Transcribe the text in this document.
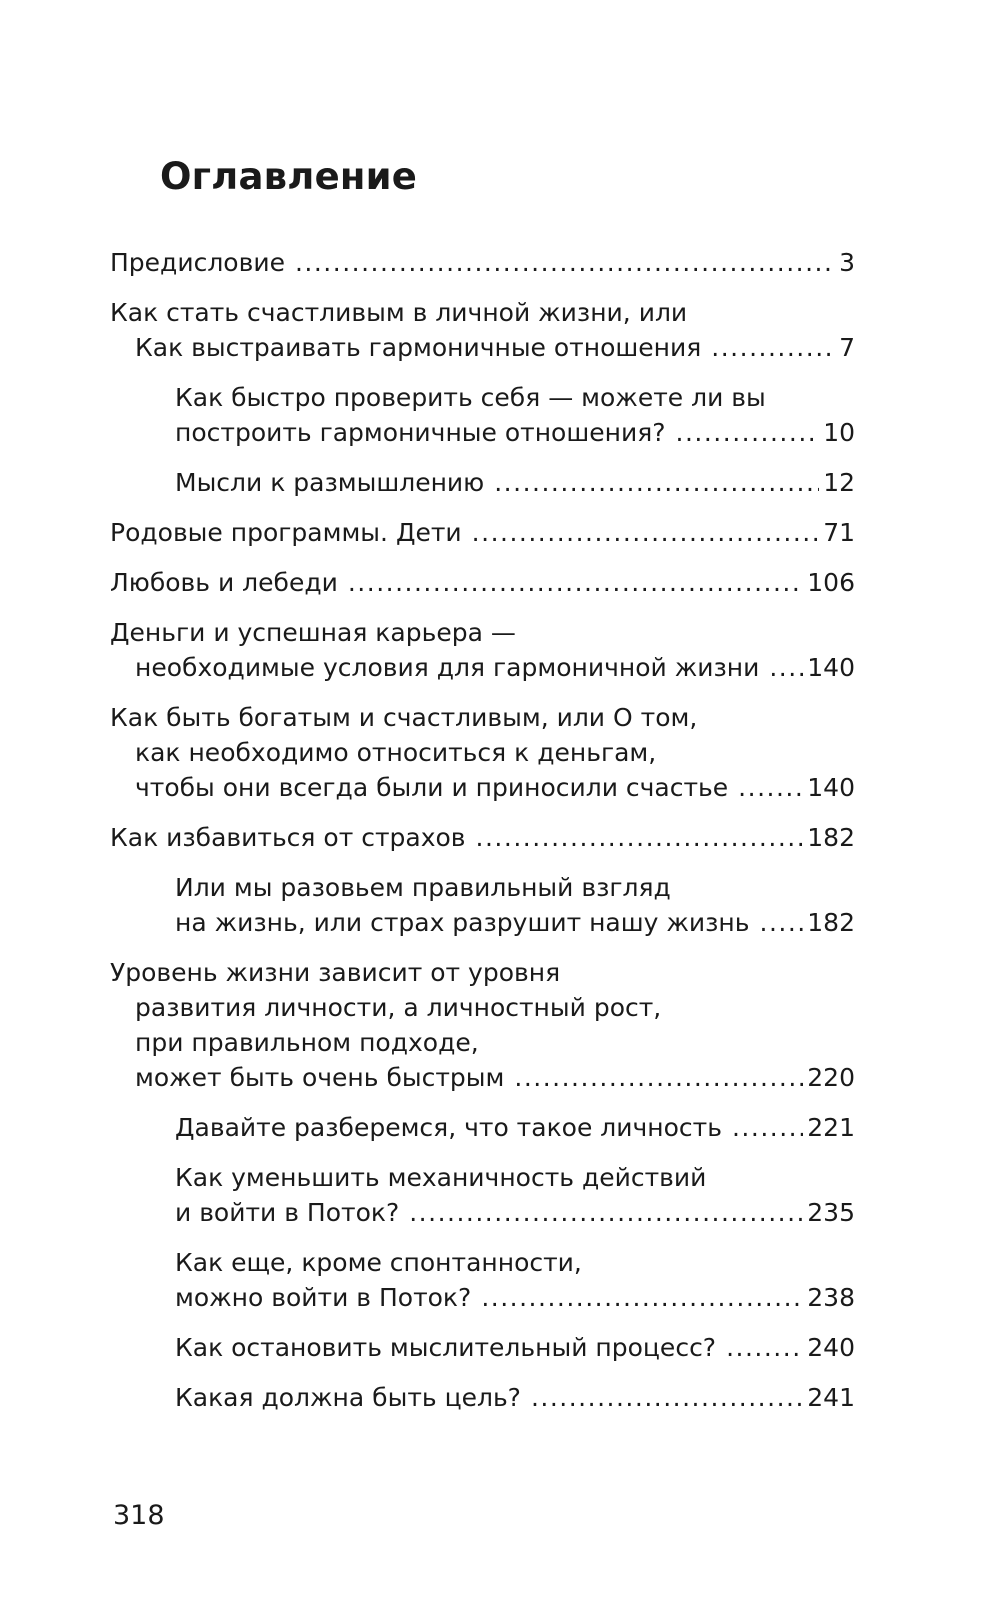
Оглавление
Предисловие .....	3
Как стать счастливым в личной жизни, или
Как выстраивать гармоничные отношения .....	7
Как быстро проверить себя — можете ли вы
построить гармоничные отношения? .....	10
Мысли к размышлению .....	12
Родовые программы. Дети .....	71
Любовь и лебеди .....	106
Деньги и успешная карьера —
необходимые условия для гармоничной жизни ..... 140
Как быть богатым и счастливым, или О том,
как необходимо относиться к деньгам,
чтобы они всегда были и приносили счастье .....	140
Как избавиться от страхов .....	182
Или мы разовьем правильный взгляд
на жизнь, или страх разрушит нашу жизнь ..... 182
Уровень жизни зависит от уровня
развития личности, а личностный рост,
при правильном подходе,
может быть очень быстрым .....	220
Давайте разберемся, что такое личность .....	221
Как уменьшить механичность действий
и войти в Поток? .....	235
Как еще, кроме спонтанности,
можно войти в Поток? .....	238
Как остановить мыслительный процесс? .....	240
Какая должна быть цель? .....	241
318
